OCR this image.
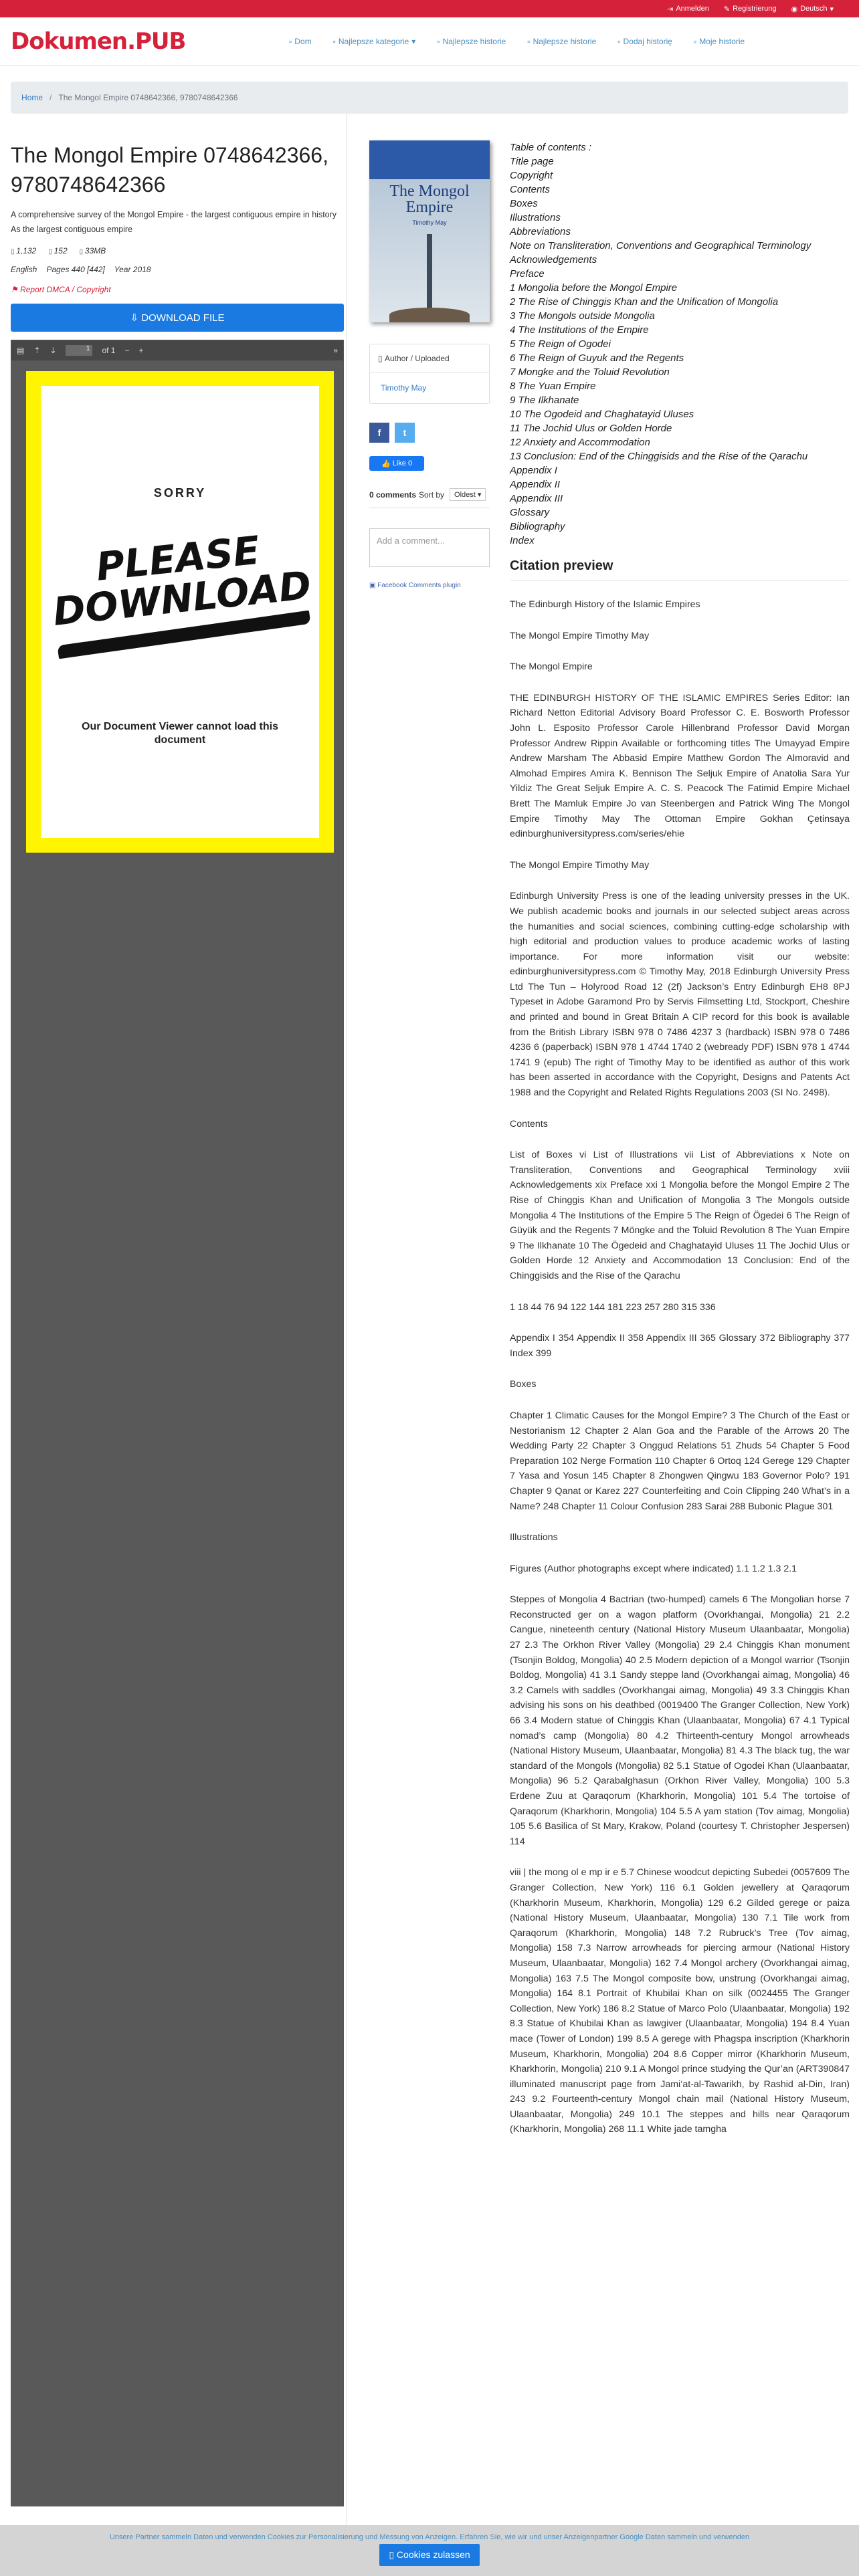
⇥ Anmelden ✎ Registrierung ◉ Deutsch ▾
Dokumen.PUB	▫ Dom	▫ Najlepsze kategorie ▾	▫ Najlepsze historie	▫ Najlepsze historie	▫ Dodaj historię	▫ Moje historie
Home / The Mongol Empire 0748642366, 9780748642366
The Mongol Empire 0748642366, 9780748642366

A comprehensive survey of the Mongol Empire - the largest contiguous empire in history As the largest contiguous empire

▯ 1,132	▯ 152	▯ 33MB
English Pages 440 [442] Year 2018
⚑ Report DMCA / Copyright
⇩ DOWNLOAD FILE
▤ ⇡ ⇣	1	of 1 − +	»
SORRY
PLEASE DOWNLOAD
Our Document Viewer cannot load this document
The Mongol Empire
Timothy May
▯ Author / Uploaded
Timothy May
f	t
👍 Like 0
0 comments Sort by	Oldest ▾
Add a comment...
▣ Facebook Comments plugin
Table of contents :
Title page
Copyright
Contents
Boxes
Illustrations
Abbreviations
Note on Transliteration, Conventions and Geographical Terminology
Acknowledgements
Preface
1 Mongolia before the Mongol Empire
2 The Rise of Chinggis Khan and the Unification of Mongolia
3 The Mongols outside Mongolia
4 The Institutions of the Empire
5 The Reign of Ogodei
6 The Reign of Guyuk and the Regents
7 Mongke and the Toluid Revolution
8 The Yuan Empire
9 The Ilkhanate
10 The Ogodeid and Chaghatayid Uluses
11 The Jochid Ulus or Golden Horde
12 Anxiety and Accommodation
13 Conclusion: End of the Chinggisids and the Rise of the Qarachu
Appendix I
Appendix II
Appendix III
Glossary
Bibliography
Index
Citation preview

The Edinburgh History of the Islamic Empires

The Mongol Empire Timothy May

The Mongol Empire

THE EDINBURGH HISTORY OF THE ISLAMIC EMPIRES Series Editor: Ian Richard Netton Editorial Advisory Board Professor C. E. Bosworth Professor John L. Esposito Professor Carole Hillenbrand Professor David Morgan Professor Andrew Rippin Available or forthcoming titles The Umayyad Empire Andrew Marsham The Abbasid Empire Matthew Gordon The Almoravid and Almohad Empires Amira K. Bennison The Seljuk Empire of Anatolia Sara Yur Yildiz The Great Seljuk Empire A. C. S. Peacock The Fatimid Empire Michael Brett The Mamluk Empire Jo van Steenbergen and Patrick Wing The Mongol Empire Timothy May The Ottoman Empire Gokhan Çetinsaya edinburghuniversitypress.com/series/ehie

The Mongol Empire Timothy May

Edinburgh University Press is one of the leading university presses in the UK. We publish academic books and journals in our selected subject areas across the humanities and social sciences, combining cutting-edge scholarship with high editorial and production values to produce academic works of lasting importance. For more information visit our website: edinburghuniversitypress.com © Timothy May, 2018 Edinburgh University Press Ltd The Tun – Holyrood Road 12 (2f) Jackson’s Entry Edinburgh EH8 8PJ Typeset in Adobe Garamond Pro by Servis Filmsetting Ltd, Stockport, Cheshire and printed and bound in Great Britain A CIP record for this book is available from the British Library ISBN 978 0 7486 4237 3 (hardback) ISBN 978 0 7486 4236 6 (paperback) ISBN 978 1 4744 1740 2 (webready PDF) ISBN 978 1 4744 1741 9 (epub) The right of Timothy May to be identified as author of this work has been asserted in accordance with the Copyright, Designs and Patents Act 1988 and the Copyright and Related Rights Regulations 2003 (SI No. 2498).

Contents

List of Boxes vi List of Illustrations vii List of Abbreviations x Note on Transliteration, Conventions and Geographical Terminology xviii Acknowledgements xix Preface xxi 1 Mongolia before the Mongol Empire 2 The Rise of Chinggis Khan and Unification of Mongolia 3 The Mongols outside Mongolia 4 The Institutions of the Empire 5 The Reign of Ögedei 6 The Reign of Güyük and the Regents 7 Möngke and the Toluid Revolution 8 The Yuan Empire 9 The Ilkhanate 10 The Ögedeid and Chaghatayid Uluses 11 The Jochid Ulus or Golden Horde 12 Anxiety and Accommodation 13 Conclusion: End of the Chinggisids and the Rise of the Qarachu

1 18 44 76 94 122 144 181 223 257 280 315 336

Appendix I 354 Appendix II 358 Appendix III 365 Glossary 372 Bibliography 377 Index 399

Boxes

Chapter 1 Climatic Causes for the Mongol Empire? 3 The Church of the East or Nestorianism 12 Chapter 2 Alan Goa and the Parable of the Arrows 20 The Wedding Party 22 Chapter 3 Onggud Relations 51 Zhuds 54 Chapter 5 Food Preparation 102 Nerge Formation 110 Chapter 6 Ortoq 124 Gerege 129 Chapter 7 Yasa and Yosun 145 Chapter 8 Zhongwen Qingwu 183 Governor Polo? 191 Chapter 9 Qanat or Karez 227 Counterfeiting and Coin Clipping 240 What’s in a Name? 248 Chapter 11 Colour Confusion 283 Sarai 288 Bubonic Plague 301

Illustrations

Figures (Author photographs except where indicated) 1.1 1.2 1.3 2.1

Steppes of Mongolia 4 Bactrian (two-humped) camels 6 The Mongolian horse 7 Reconstructed ger on a wagon platform (Ovorkhangai, Mongolia) 21 2.2 Cangue, nineteenth century (National History Museum Ulaanbaatar, Mongolia) 27 2.3 The Orkhon River Valley (Mongolia) 29 2.4 Chinggis Khan monument (Tsonjin Boldog, Mongolia) 40 2.5 Modern depiction of a Mongol warrior (Tsonjin Boldog, Mongolia) 41 3.1 Sandy steppe land (Ovorkhangai aimag, Mongolia) 46 3.2 Camels with saddles (Ovorkhangai aimag, Mongolia) 49 3.3 Chinggis Khan advising his sons on his deathbed (0019400 The Granger Collection, New York) 66 3.4 Modern statue of Chinggis Khan (Ulaanbaatar, Mongolia) 67 4.1 Typical nomad’s camp (Mongolia) 80 4.2 Thirteenth-century Mongol arrowheads (National History Museum, Ulaanbaatar, Mongolia) 81 4.3 The black tug, the war standard of the Mongols (Mongolia) 82 5.1 Statue of Ogodei Khan (Ulaanbaatar, Mongolia) 96 5.2 Qarabalghasun (Orkhon River Valley, Mongolia) 100 5.3 Erdene Zuu at Qaraqorum (Kharkhorin, Mongolia) 101 5.4 The tortoise of Qaraqorum (Kharkhorin, Mongolia) 104 5.5 A yam station (Tov aimag, Mongolia) 105 5.6 Basilica of St Mary, Krakow, Poland (courtesy T. Christopher Jespersen) 114

viii | the mong ol e mp ir e 5.7 Chinese woodcut depicting Subedei (0057609 The Granger Collection, New York) 116 6.1 Golden jewellery at Qaraqorum (Kharkhorin Museum, Kharkhorin, Mongolia) 129 6.2 Gilded gerege or paiza (National History Museum, Ulaanbaatar, Mongolia) 130 7.1 Tile work from Qaraqorum (Kharkhorin, Mongolia) 148 7.2 Rubruck’s Tree (Tov aimag, Mongolia) 158 7.3 Narrow arrowheads for piercing armour (National History Museum, Ulaanbaatar, Mongolia) 162 7.4 Mongol archery (Ovorkhangai aimag, Mongolia) 163 7.5 The Mongol composite bow, unstrung (Ovorkhangai aimag, Mongolia) 164 8.1 Portrait of Khubilai Khan on silk (0024455 The Granger Collection, New York) 186 8.2 Statue of Marco Polo (Ulaanbaatar, Mongolia) 192 8.3 Statue of Khubilai Khan as lawgiver (Ulaanbaatar, Mongolia) 194 8.4 Yuan mace (Tower of London) 199 8.5 A gerege with Phagspa inscription (Kharkhorin Museum, Kharkhorin, Mongolia) 204 8.6 Copper mirror (Kharkhorin Museum, Kharkhorin, Mongolia) 210 9.1 A Mongol prince studying the Qur’an (ART390847 illuminated manuscript page from Jami‘at-al-Tawarikh, by Rashid al-Din, Iran) 243 9.2 Fourteenth-century Mongol chain mail (National History Museum, Ulaanbaatar, Mongolia) 249 10.1 The steppes and hills near Qaraqorum (Kharkhorin, Mongolia) 268 11.1 White jade tamgha

Unsere Partner sammeln Daten und verwenden Cookies zur Personalisierung und Messung von Anzeigen. Erfahren Sie, wie wir und unser Anzeigenpartner Google Daten sammeln und verwenden
▯ Cookies zulassen
